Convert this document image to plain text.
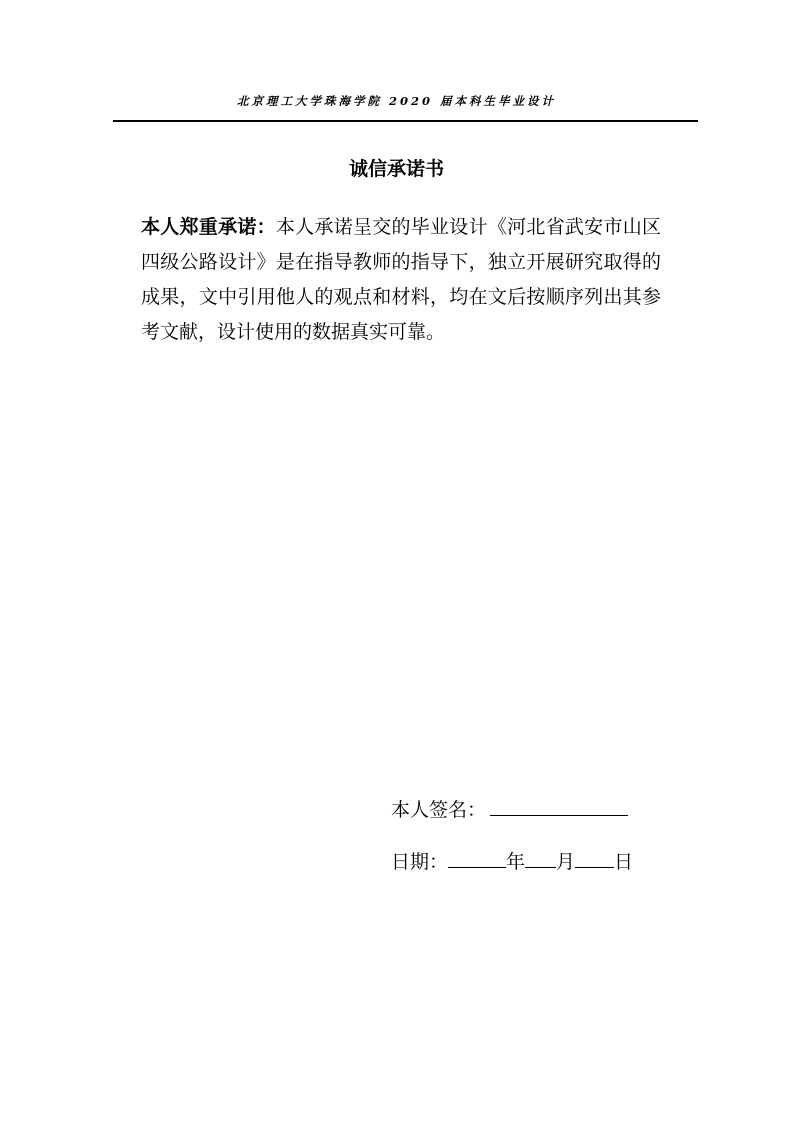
北京理工大学珠海学院 2020 届本科生毕业设计
诚信承诺书

本人郑重承诺：本人承诺呈交的毕业设计《河北省武安市山区四级公路设计》是在指导教师的指导下，独立开展研究取得的成果，文中引用他人的观点和材料，均在文后按顺序列出其参考文献，设计使用的数据真实可靠。

本人签名：
日期：	年 月 日
